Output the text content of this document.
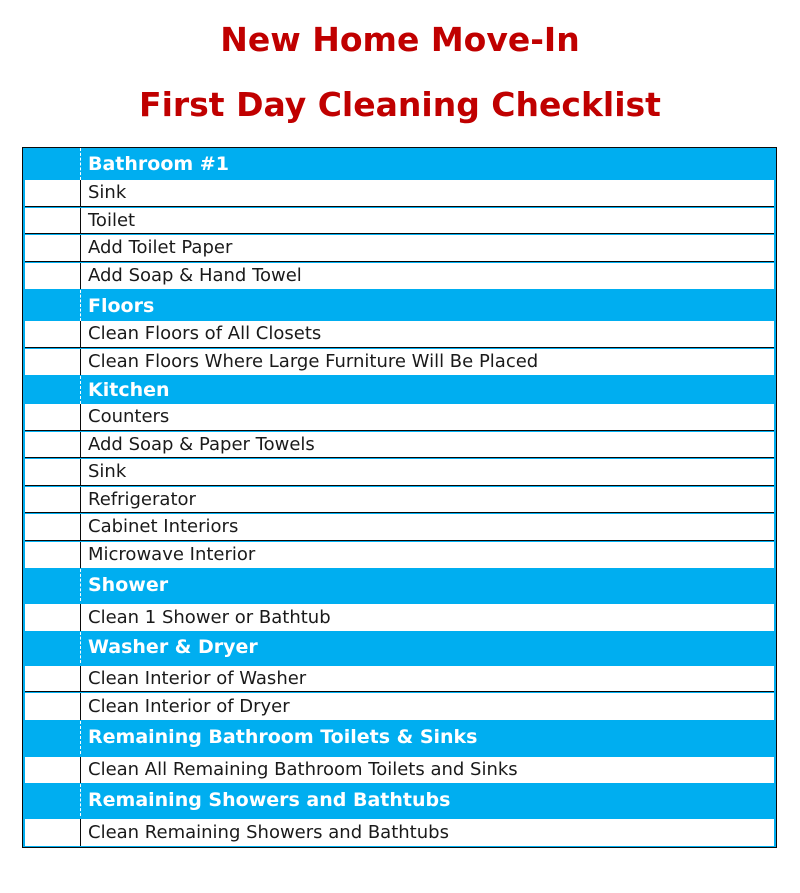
New Home Move-In
First Day Cleaning Checklist
Bathroom #1
Sink
Toilet
Add Toilet Paper
Add Soap & Hand Towel
Floors
Clean Floors of All Closets
Clean Floors Where Large Furniture Will Be Placed
Kitchen
Counters
Add Soap & Paper Towels
Sink
Refrigerator
Cabinet Interiors
Microwave Interior
Shower
Clean 1 Shower or Bathtub
Washer & Dryer
Clean Interior of Washer
Clean Interior of Dryer
Remaining Bathroom Toilets & Sinks
Clean All Remaining Bathroom Toilets and Sinks
Remaining Showers and Bathtubs
Clean Remaining Showers and Bathtubs
